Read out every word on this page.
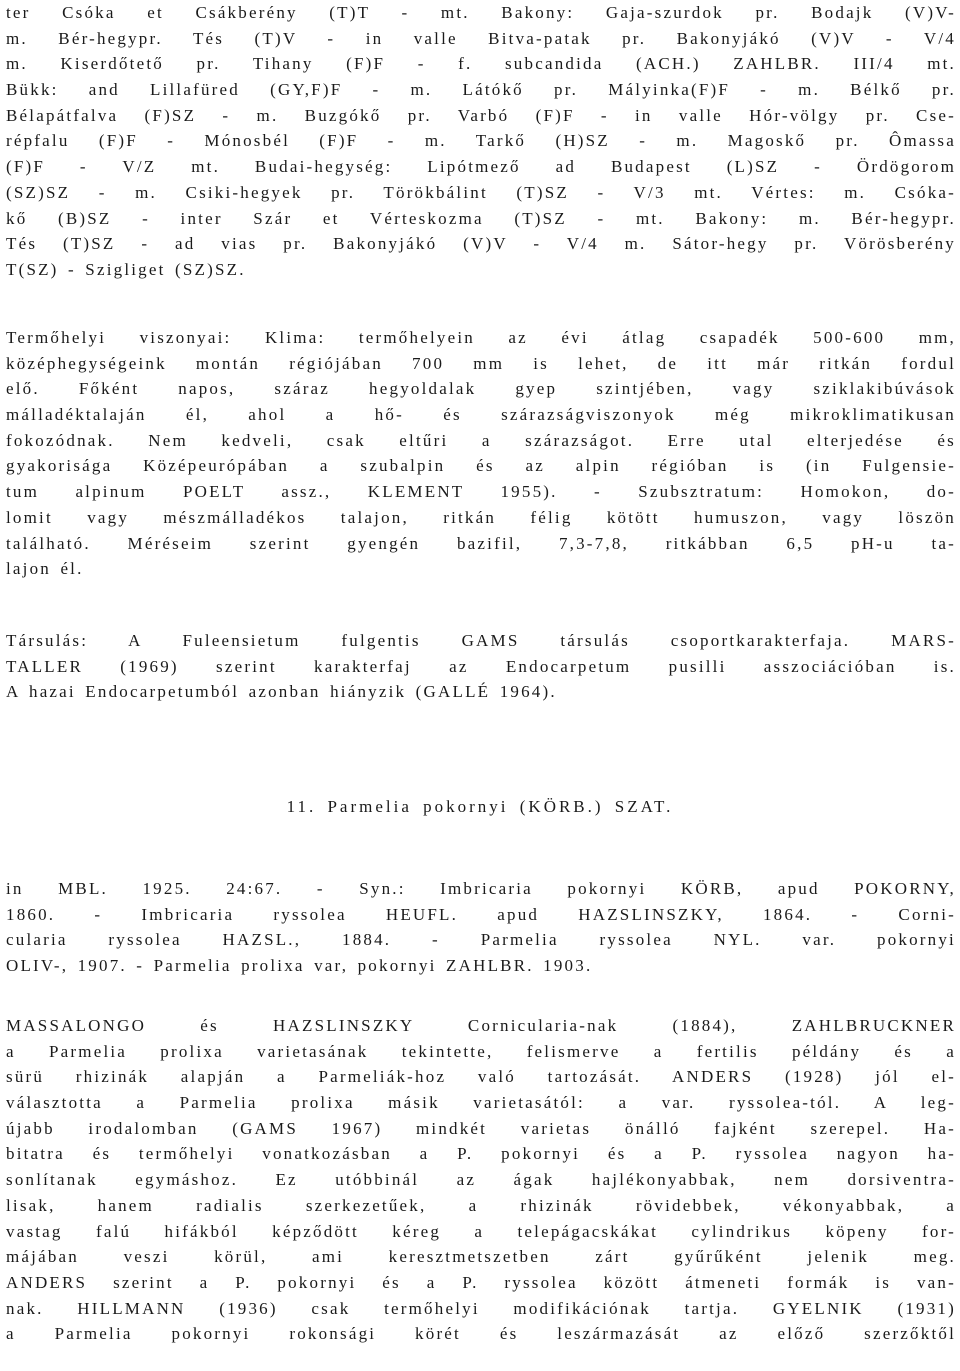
ter Csóka et Csákberény (T)T - mt. Bakony: Gaja-szurdok pr. Bodajk (V)V-
m. Bér-hegypr. Tés (T)V - in valle Bitva-patak pr. Bakonyjákó (V)V - V/4
m. Kiserdőtető pr. Tihany (F)F - f. subcandida (ACH.) ZAHLBR. III/4 mt.
Bükk: and Lillafüred (GY,F)F - m. Látókő pr. Mályinka(F)F - m. Bélkő pr.
Bélapátfalva (F)SZ - m. Buzgókő pr. Varbó (F)F - in valle Hór-völgy pr. Cse-
répfalu (F)F - Mónosbél (F)F - m. Tarkő (H)SZ - m. Magoskő pr. Ômassa
(F)F - V/Z mt. Budai-hegység: Lipótmező ad Budapest (L)SZ - Ördögorom
(SZ)SZ - m. Csiki-hegyek pr. Törökbálint (T)SZ - V/3 mt. Vértes: m. Csóka-
kő (B)SZ - inter Szár et Vérteskozma (T)SZ - mt. Bakony: m. Bér-hegypr.
Tés (T)SZ - ad vias pr. Bakonyjákó (V)V - V/4 m. Sátor-hegy pr. Vörösberény
T(SZ) - Szigliget (SZ)SZ.
Termőhelyi viszonyai: Klima: termőhelyein az évi átlag csapadék 500-600 mm,
középhegységeink montán régiójában 700 mm is lehet, de itt már ritkán fordul
elő. Főként napos, száraz hegyoldalak gyep szintjében, vagy sziklakibúvások
málladéktalaján él, ahol a hő- és szárazságviszonyok még mikroklimatikusan
fokozódnak. Nem kedveli, csak eltűri a szárazságot. Erre utal elterjedése és
gyakorisága Középeurópában a szubalpin és az alpin régióban is (in Fulgensie-
tum alpinum POELT assz., KLEMENT 1955). - Szubsztratum: Homokon, do-
lomit vagy mészmálladékos talajon, ritkán félig kötött humuszon, vagy löszön
található. Méréseim szerint gyengén bazifil, 7,3-7,8, ritkábban 6,5 pH-u ta-
lajon él.
Társulás: A Fuleensietum fulgentis GAMS társulás csoportkarakterfaja. MARS-
TALLER (1969) szerint karakterfaj az Endocarpetum pusilli asszociációban is.
A hazai Endocarpetumból azonban hiányzik (GALLÉ 1964).
11. Parmelia pokornyi (KÖRB.) SZAT.
in MBL. 1925. 24:67. - Syn.: Imbricaria pokornyi KÖRB, apud POKORNY,
1860. - Imbricaria ryssolea HEUFL. apud HAZSLINSZKY, 1864. - Corni-
cularia ryssolea HAZSL., 1884. - Parmelia ryssolea NYL. var. pokornyi
OLIV-, 1907. - Parmelia prolixa var, pokornyi ZAHLBR. 1903.
MASSALONGO és HAZSLINSZKY Cornicularia-nak (1884), ZAHLBRUCKNER
a Parmelia prolixa varietasának tekintette, felismerve a fertilis példány és a
sürü rhizinák alapján a Parmeliák-hoz való tartozását. ANDERS (1928) jól el-
választotta a Parmelia prolixa másik varietasától: a var. ryssolea-tól. A leg-
újabb irodalomban (GAMS 1967) mindkét varietas önálló fajként szerepel. Ha-
bitatra és termőhelyi vonatkozásban a P. pokornyi és a P. ryssolea nagyon ha-
sonlítanak egymáshoz. Ez utóbbinál az ágak hajlékonyabbak, nem dorsiventra-
lisak, hanem radialis szerkezetűek, a rhizinák rövidebbek, vékonyabbak, a
vastag falú hifákból képződött kéreg a telepágacskákat cylindrikus köpeny for-
májában veszi körül, ami keresztmetszetben zárt gyűrűként jelenik meg.
ANDERS szerint a P. pokornyi és a P. ryssolea között átmeneti formák is van-
nak. HILLMANN (1936) csak termőhelyi modifikációnak tartja. GYELNIK (1931)
a Parmelia pokornyi rokonsági körét és leszármazását az előző szerzőktől
